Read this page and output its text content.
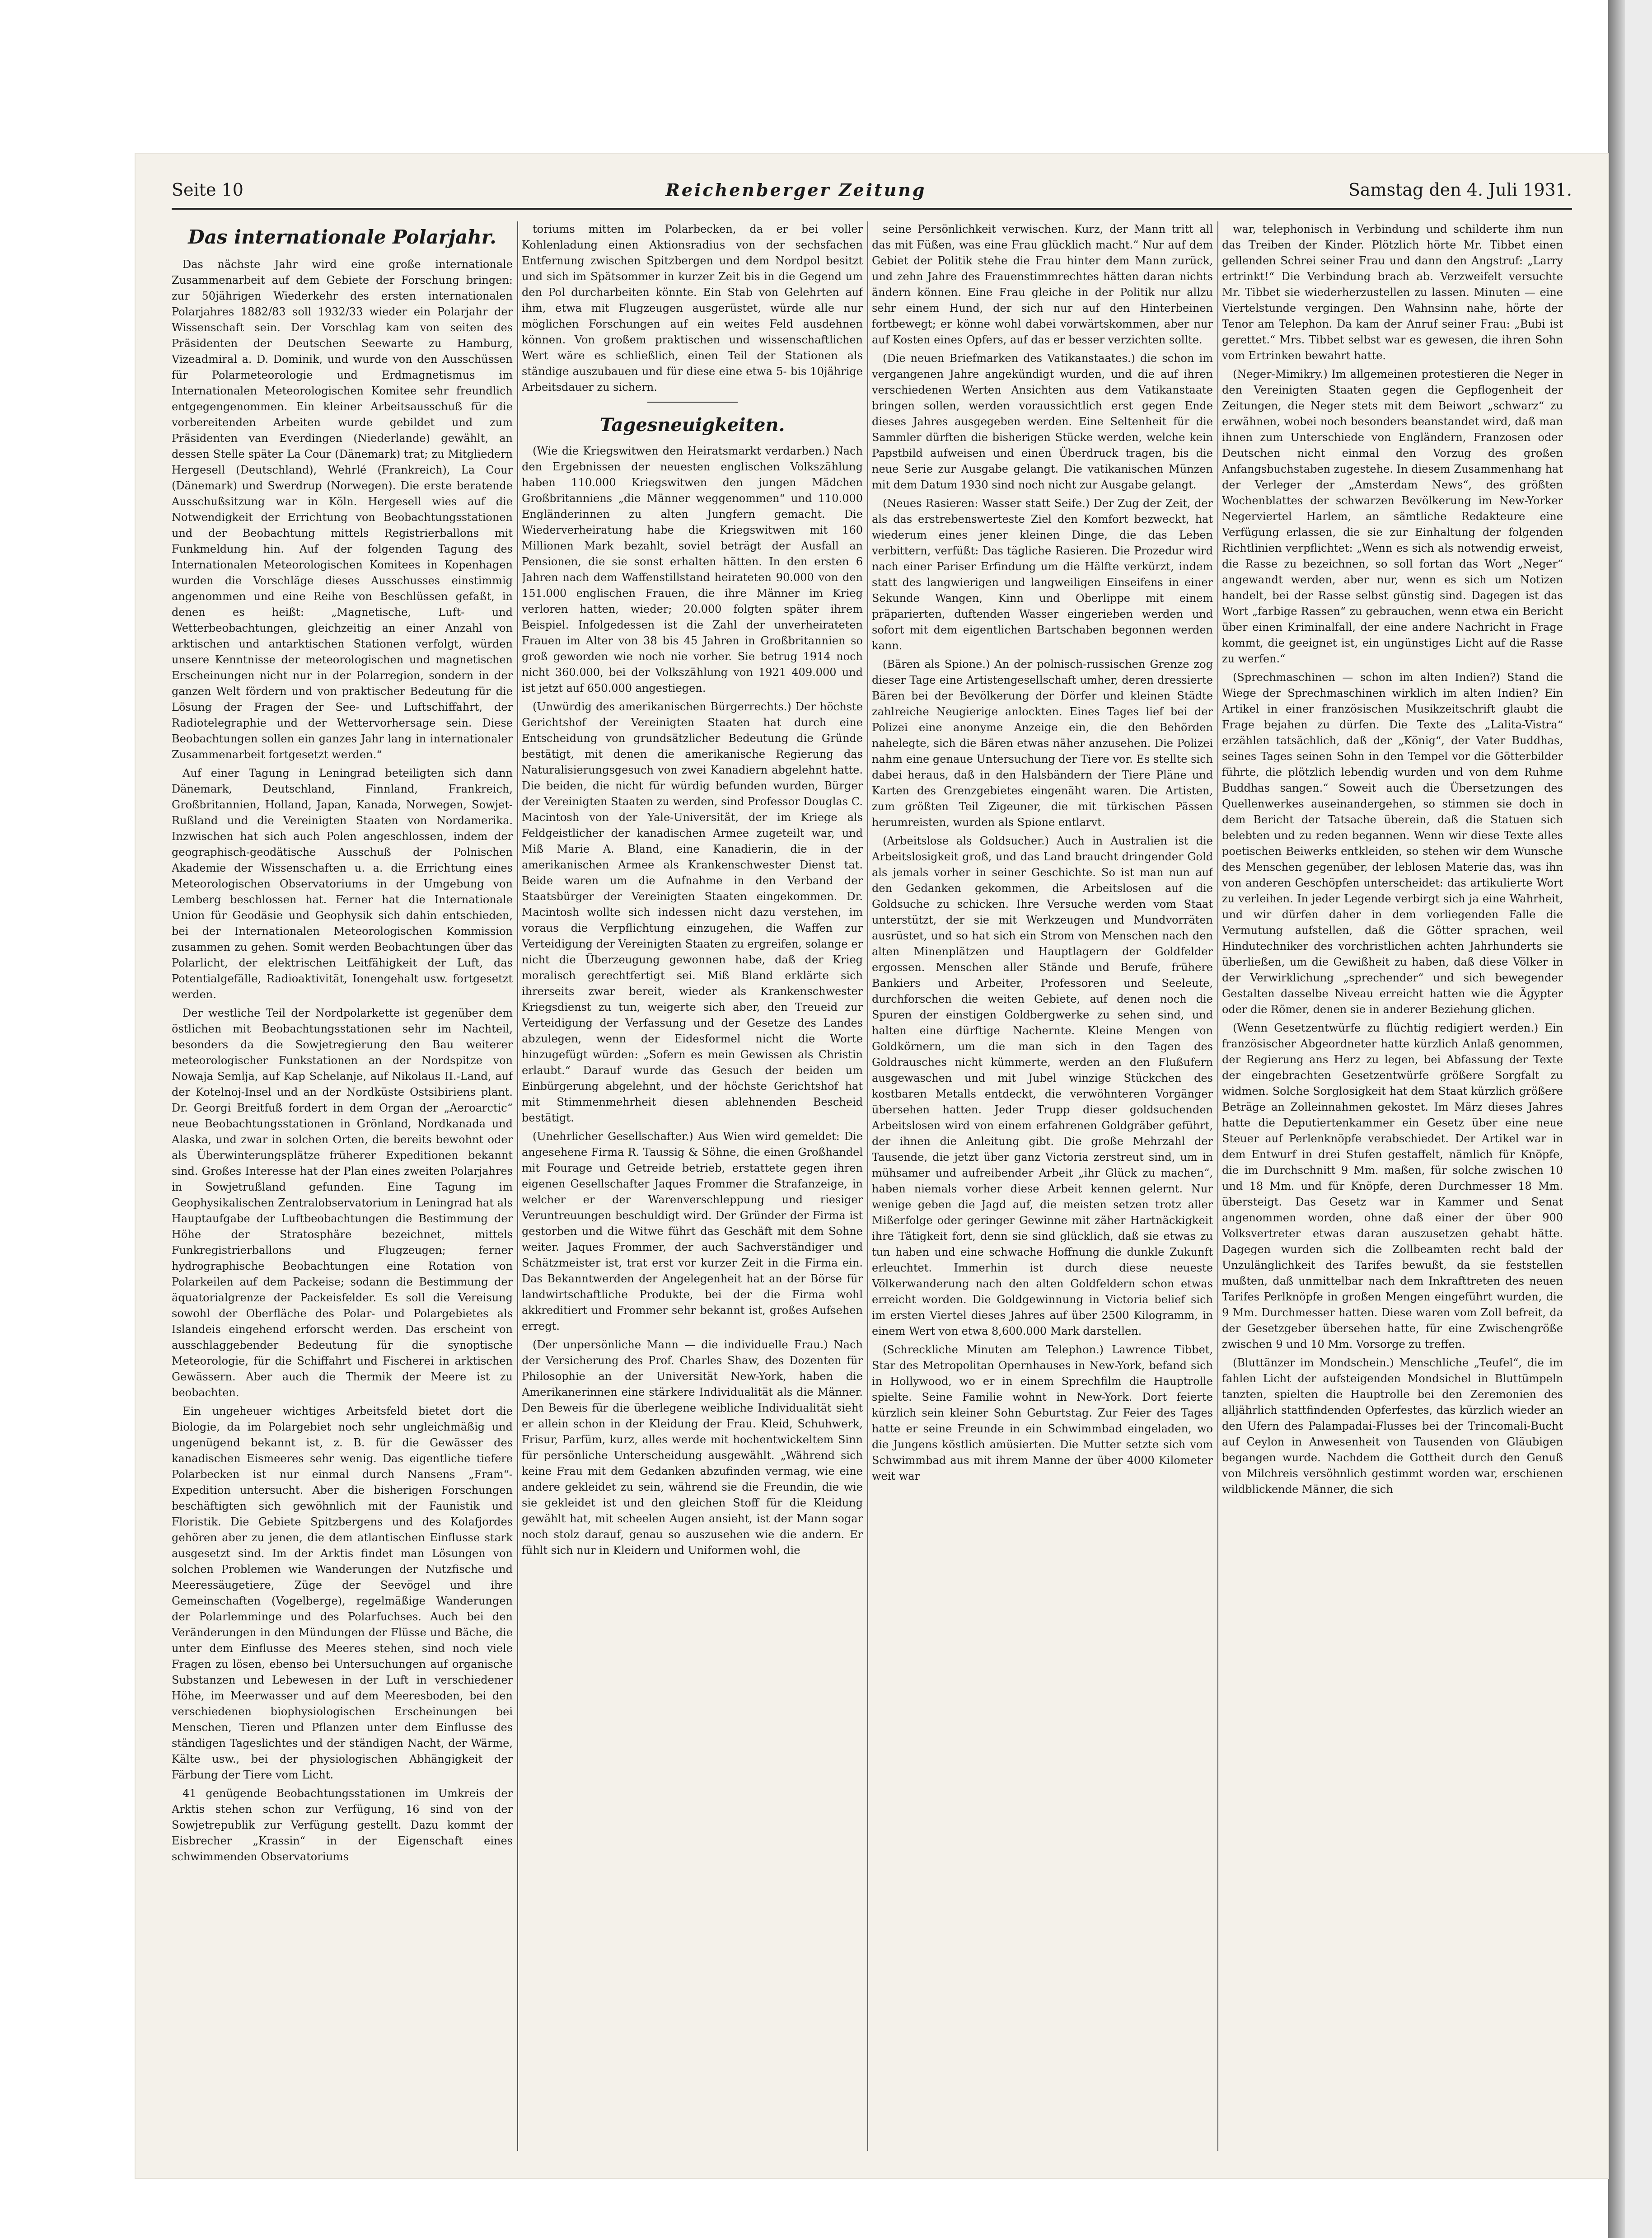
Seite 10	Reichenberger Zeitung	Samstag den 4. Juli 1931.
Das internationale Polarjahr.

Das nächste Jahr wird eine große internationale Zusammenarbeit auf dem Gebiete der Forschung bringen: zur 50jährigen Wiederkehr des ersten internationalen Polarjahres 1882/83 soll 1932/33 wieder ein Polarjahr der Wissenschaft sein. Der Vorschlag kam von seiten des Präsidenten der Deutschen Seewarte zu Hamburg, Vizeadmiral a. D. Dominik, und wurde von den Ausschüssen für Polarmeteorologie und Erdmagnetismus im Internationalen Meteorologischen Komitee sehr freundlich entgegengenommen. Ein kleiner Arbeitsausschuß für die vorbereitenden Arbeiten wurde gebildet und zum Präsidenten van Everdingen (Niederlande) gewählt, an dessen Stelle später La Cour (Dänemark) trat; zu Mitgliedern Hergesell (Deutschland), Wehrlé (Frankreich), La Cour (Dänemark) und Swerdrup (Norwegen). Die erste beratende Ausschußsitzung war in Köln. Hergesell wies auf die Notwendigkeit der Errichtung von Beobachtungsstationen und der Beobachtung mittels Registrierballons mit Funkmeldung hin. Auf der folgenden Tagung des Internationalen Meteorologischen Komitees in Kopenhagen wurden die Vorschläge dieses Ausschusses einstimmig angenommen und eine Reihe von Beschlüssen gefaßt, in denen es heißt: „Magnetische, Luft- und Wetterbeobachtungen, gleichzeitig an einer Anzahl von arktischen und antarktischen Stationen verfolgt, würden unsere Kenntnisse der meteorologischen und magnetischen Erscheinungen nicht nur in der Polarregion, sondern in der ganzen Welt fördern und von praktischer Bedeutung für die Lösung der Fragen der See- und Luftschiffahrt, der Radiotelegraphie und der Wettervorhersage sein. Diese Beobachtungen sollen ein ganzes Jahr lang in internationaler Zusammenarbeit fortgesetzt werden.“

Auf einer Tagung in Leningrad beteiligten sich dann Dänemark, Deutschland, Finnland, Frankreich, Großbritannien, Holland, Japan, Kanada, Norwegen, Sowjet-Rußland und die Vereinigten Staaten von Nordamerika. Inzwischen hat sich auch Polen angeschlossen, indem der geographisch-geodätische Ausschuß der Polnischen Akademie der Wissenschaften u. a. die Errichtung eines Meteorologischen Observatoriums in der Umgebung von Lemberg beschlossen hat. Ferner hat die Internationale Union für Geodäsie und Geophysik sich dahin entschieden, bei der Internationalen Meteorologischen Kommission zusammen zu gehen. Somit werden Beobachtungen über das Polarlicht, der elektrischen Leitfähigkeit der Luft, das Potentialgefälle, Radioaktivität, Ionengehalt usw. fortgesetzt werden.

Der westliche Teil der Nordpolarkette ist gegenüber dem östlichen mit Beobachtungsstationen sehr im Nachteil, besonders da die Sowjetregierung den Bau weiterer meteorologischer Funkstationen an der Nordspitze von Nowaja Semlja, auf Kap Schelanje, auf Nikolaus II.-Land, auf der Kotelnoj-Insel und an der Nordküste Ostsibiriens plant. Dr. Georgi Breitfuß fordert in dem Organ der „Aeroarctic“ neue Beobachtungsstationen in Grönland, Nordkanada und Alaska, und zwar in solchen Orten, die bereits bewohnt oder als Überwinterungsplätze früherer Expeditionen bekannt sind. Großes Interesse hat der Plan eines zweiten Polarjahres in Sowjetrußland gefunden. Eine Tagung im Geophysikalischen Zentralobservatorium in Leningrad hat als Hauptaufgabe der Luftbeobachtungen die Bestimmung der Höhe der Stratosphäre bezeichnet, mittels Funkregistrierballons und Flugzeugen; ferner hydrographische Beobachtungen eine Rotation von Polarkeilen auf dem Packeise; sodann die Bestimmung der äquatorialgrenze der Packeisfelder. Es soll die Vereisung sowohl der Oberfläche des Polar- und Polargebietes als Islandeis eingehend erforscht werden. Das erscheint von ausschlaggebender Bedeutung für die synoptische Meteorologie, für die Schiffahrt und Fischerei in arktischen Gewässern. Aber auch die Thermik der Meere ist zu beobachten.

Ein ungeheuer wichtiges Arbeitsfeld bietet dort die Biologie, da im Polargebiet noch sehr ungleichmäßig und ungenügend bekannt ist, z. B. für die Gewässer des kanadischen Eismeeres sehr wenig. Das eigentliche tiefere Polarbecken ist nur einmal durch Nansens „Fram“-Expedition untersucht. Aber die bisherigen Forschungen beschäftigten sich gewöhnlich mit der Faunistik und Floristik. Die Gebiete Spitzbergens und des Kolafjordes gehören aber zu jenen, die dem atlantischen Einflusse stark ausgesetzt sind. Im der Arktis findet man Lösungen von solchen Problemen wie Wanderungen der Nutzfische und Meeressäugetiere, Züge der Seevögel und ihre Gemeinschaften (Vogelberge), regelmäßige Wanderungen der Polarlemminge und des Polarfuchses. Auch bei den Veränderungen in den Mündungen der Flüsse und Bäche, die unter dem Einflusse des Meeres stehen, sind noch viele Fragen zu lösen, ebenso bei Untersuchungen auf organische Substanzen und Lebewesen in der Luft in verschiedener Höhe, im Meerwasser und auf dem Meeresboden, bei den verschiedenen biophysiologischen Erscheinungen bei Menschen, Tieren und Pflanzen unter dem Einflusse des ständigen Tageslichtes und der ständigen Nacht, der Wärme, Kälte usw., bei der physiologischen Abhängigkeit der Färbung der Tiere vom Licht.

41 genügende Beobachtungsstationen im Umkreis der Arktis stehen schon zur Verfügung, 16 sind von der Sowjetrepublik zur Verfügung gestellt. Dazu kommt der Eisbrecher „Krassin“ in der Eigenschaft eines schwimmenden Observatoriums

toriums mitten im Polarbecken, da er bei voller Kohlenladung einen Aktionsradius von der sechsfachen Entfernung zwischen Spitzbergen und dem Nordpol besitzt und sich im Spätsommer in kurzer Zeit bis in die Gegend um den Pol durcharbeiten könnte. Ein Stab von Gelehrten auf ihm, etwa mit Flugzeugen ausgerüstet, würde alle nur möglichen Forschungen auf ein weites Feld ausdehnen können. Von großem praktischen und wissenschaftlichen Wert wäre es schließlich, einen Teil der Stationen als ständige auszubauen und für diese eine etwa 5- bis 10jährige Arbeitsdauer zu sichern.

Tagesneuigkeiten.

(Wie die Kriegswitwen den Heiratsmarkt verdarben.) Nach den Ergebnissen der neuesten englischen Volkszählung haben 110.000 Kriegswitwen den jungen Mädchen Großbritanniens „die Männer weggenommen“ und 110.000 Engländerinnen zu alten Jungfern gemacht. Die Wiederverheiratung habe die Kriegswitwen mit 160 Millionen Mark bezahlt, soviel beträgt der Ausfall an Pensionen, die sie sonst erhalten hätten. In den ersten 6 Jahren nach dem Waffenstillstand heirateten 90.000 von den 151.000 englischen Frauen, die ihre Männer im Krieg verloren hatten, wieder; 20.000 folgten später ihrem Beispiel. Infolgedessen ist die Zahl der unverheirateten Frauen im Alter von 38 bis 45 Jahren in Großbritannien so groß geworden wie noch nie vorher. Sie betrug 1914 noch nicht 360.000, bei der Volkszählung von 1921 409.000 und ist jetzt auf 650.000 angestiegen.

(Unwürdig des amerikanischen Bürgerrechts.) Der höchste Gerichtshof der Vereinigten Staaten hat durch eine Entscheidung von grundsätzlicher Bedeutung die Gründe bestätigt, mit denen die amerikanische Regierung das Naturalisierungsgesuch von zwei Kanadiern abgelehnt hatte. Die beiden, die nicht für würdig befunden wurden, Bürger der Vereinigten Staaten zu werden, sind Professor Douglas C. Macintosh von der Yale-Universität, der im Kriege als Feldgeistlicher der kanadischen Armee zugeteilt war, und Miß Marie A. Bland, eine Kanadierin, die in der amerikanischen Armee als Krankenschwester Dienst tat. Beide waren um die Aufnahme in den Verband der Staatsbürger der Vereinigten Staaten eingekommen. Dr. Macintosh wollte sich indessen nicht dazu verstehen, im voraus die Verpflichtung einzugehen, die Waffen zur Verteidigung der Vereinigten Staaten zu ergreifen, solange er nicht die Überzeugung gewonnen habe, daß der Krieg moralisch gerechtfertigt sei. Miß Bland erklärte sich ihrerseits zwar bereit, wieder als Krankenschwester Kriegsdienst zu tun, weigerte sich aber, den Treueid zur Verteidigung der Verfassung und der Gesetze des Landes abzulegen, wenn der Eidesformel nicht die Worte hinzugefügt würden: „Sofern es mein Gewissen als Christin erlaubt.“ Darauf wurde das Gesuch der beiden um Einbürgerung abgelehnt, und der höchste Gerichtshof hat mit Stimmenmehrheit diesen ablehnenden Bescheid bestätigt.

(Unehrlicher Gesellschafter.) Aus Wien wird gemeldet: Die angesehene Firma R. Taussig & Söhne, die einen Großhandel mit Fourage und Getreide betrieb, erstattete gegen ihren eigenen Gesellschafter Jaques Frommer die Strafanzeige, in welcher er der Warenverschleppung und riesiger Veruntreuungen beschuldigt wird. Der Gründer der Firma ist gestorben und die Witwe führt das Geschäft mit dem Sohne weiter. Jaques Frommer, der auch Sachverständiger und Schätzmeister ist, trat erst vor kurzer Zeit in die Firma ein. Das Bekanntwerden der Angelegenheit hat an der Börse für landwirtschaftliche Produkte, bei der die Firma wohl akkreditiert und Frommer sehr bekannt ist, großes Aufsehen erregt.

(Der unpersönliche Mann — die individuelle Frau.) Nach der Versicherung des Prof. Charles Shaw, des Dozenten für Philosophie an der Universität New-York, haben die Amerikanerinnen eine stärkere Individualität als die Männer. Den Beweis für die überlegene weibliche Individualität sieht er allein schon in der Kleidung der Frau. Kleid, Schuhwerk, Frisur, Parfüm, kurz, alles werde mit hochentwickeltem Sinn für persönliche Unterscheidung ausgewählt. „Während sich keine Frau mit dem Gedanken abzufinden vermag, wie eine andere gekleidet zu sein, während sie die Freundin, die wie sie gekleidet ist und den gleichen Stoff für die Kleidung gewählt hat, mit scheelen Augen ansieht, ist der Mann sogar noch stolz darauf, genau so auszusehen wie die andern. Er fühlt sich nur in Kleidern und Uniformen wohl, die

seine Persönlichkeit verwischen. Kurz, der Mann tritt all das mit Füßen, was eine Frau glücklich macht.“ Nur auf dem Gebiet der Politik stehe die Frau hinter dem Mann zurück, und zehn Jahre des Frauenstimmrechtes hätten daran nichts ändern können. Eine Frau gleiche in der Politik nur allzu sehr einem Hund, der sich nur auf den Hinterbeinen fortbewegt; er könne wohl dabei vorwärtskommen, aber nur auf Kosten eines Opfers, auf das er besser verzichten sollte.

(Die neuen Briefmarken des Vatikanstaates.) die schon im vergangenen Jahre angekündigt wurden, und die auf ihren verschiedenen Werten Ansichten aus dem Vatikanstaate bringen sollen, werden voraussichtlich erst gegen Ende dieses Jahres ausgegeben werden. Eine Seltenheit für die Sammler dürften die bisherigen Stücke werden, welche kein Papstbild aufweisen und einen Überdruck tragen, bis die neue Serie zur Ausgabe gelangt. Die vatikanischen Münzen mit dem Datum 1930 sind noch nicht zur Ausgabe gelangt.

(Neues Rasieren: Wasser statt Seife.) Der Zug der Zeit, der als das erstrebenswerteste Ziel den Komfort bezweckt, hat wiederum eines jener kleinen Dinge, die das Leben verbittern, verfüßt: Das tägliche Rasieren. Die Prozedur wird nach einer Pariser Erfindung um die Hälfte verkürzt, indem statt des langwierigen und langweiligen Einseifens in einer Sekunde Wangen, Kinn und Oberlippe mit einem präparierten, duftenden Wasser eingerieben werden und sofort mit dem eigentlichen Bartschaben begonnen werden kann.

(Bären als Spione.) An der polnisch-russischen Grenze zog dieser Tage eine Artistengesellschaft umher, deren dressierte Bären bei der Bevölkerung der Dörfer und kleinen Städte zahlreiche Neugierige anlockten. Eines Tages lief bei der Polizei eine anonyme Anzeige ein, die den Behörden nahelegte, sich die Bären etwas näher anzusehen. Die Polizei nahm eine genaue Untersuchung der Tiere vor. Es stellte sich dabei heraus, daß in den Halsbändern der Tiere Pläne und Karten des Grenzgebietes eingenäht waren. Die Artisten, zum größten Teil Zigeuner, die mit türkischen Pässen herumreisten, wurden als Spione entlarvt.

(Arbeitslose als Goldsucher.) Auch in Australien ist die Arbeitslosigkeit groß, und das Land braucht dringender Gold als jemals vorher in seiner Geschichte. So ist man nun auf den Gedanken gekommen, die Arbeitslosen auf die Goldsuche zu schicken. Ihre Versuche werden vom Staat unterstützt, der sie mit Werkzeugen und Mundvorräten ausrüstet, und so hat sich ein Strom von Menschen nach den alten Minenplätzen und Hauptlagern der Goldfelder ergossen. Menschen aller Stände und Berufe, frühere Bankiers und Arbeiter, Professoren und Seeleute, durchforschen die weiten Gebiete, auf denen noch die Spuren der einstigen Goldbergwerke zu sehen sind, und halten eine dürftige Nachernte. Kleine Mengen von Goldkörnern, um die man sich in den Tagen des Goldrausches nicht kümmerte, werden an den Flußufern ausgewaschen und mit Jubel winzige Stückchen des kostbaren Metalls entdeckt, die verwöhnteren Vorgänger übersehen hatten. Jeder Trupp dieser goldsuchenden Arbeitslosen wird von einem erfahrenen Goldgräber geführt, der ihnen die Anleitung gibt. Die große Mehrzahl der Tausende, die jetzt über ganz Victoria zerstreut sind, um in mühsamer und aufreibender Arbeit „ihr Glück zu machen“, haben niemals vorher diese Arbeit kennen gelernt. Nur wenige geben die Jagd auf, die meisten setzen trotz aller Mißerfolge oder geringer Gewinne mit zäher Hartnäckigkeit ihre Tätigkeit fort, denn sie sind glücklich, daß sie etwas zu tun haben und eine schwache Hoffnung die dunkle Zukunft erleuchtet. Immerhin ist durch diese neueste Völkerwanderung nach den alten Goldfeldern schon etwas erreicht worden. Die Goldgewinnung in Victoria belief sich im ersten Viertel dieses Jahres auf über 2500 Kilogramm, in einem Wert von etwa 8,600.000 Mark darstellen.

(Schreckliche Minuten am Telephon.) Lawrence Tibbet, Star des Metropolitan Opernhauses in New-York, befand sich in Hollywood, wo er in einem Sprechfilm die Hauptrolle spielte. Seine Familie wohnt in New-York. Dort feierte kürzlich sein kleiner Sohn Geburtstag. Zur Feier des Tages hatte er seine Freunde in ein Schwimmbad eingeladen, wo die Jungens köstlich amüsierten. Die Mutter setzte sich vom Schwimmbad aus mit ihrem Manne der über 4000 Kilometer weit war

war, telephonisch in Verbindung und schilderte ihm nun das Treiben der Kinder. Plötzlich hörte Mr. Tibbet einen gellenden Schrei seiner Frau und dann den Angstruf: „Larry ertrinkt!“ Die Verbindung brach ab. Verzweifelt versuchte Mr. Tibbet sie wiederherzustellen zu lassen. Minuten — eine Viertelstunde vergingen. Den Wahnsinn nahe, hörte der Tenor am Telephon. Da kam der Anruf seiner Frau: „Bubi ist gerettet.“ Mrs. Tibbet selbst war es gewesen, die ihren Sohn vom Ertrinken bewahrt hatte.

(Neger-Mimikry.) Im allgemeinen protestieren die Neger in den Vereinigten Staaten gegen die Gepflogenheit der Zeitungen, die Neger stets mit dem Beiwort „schwarz“ zu erwähnen, wobei noch besonders beanstandet wird, daß man ihnen zum Unterschiede von Engländern, Franzosen oder Deutschen nicht einmal den Vorzug des großen Anfangsbuchstaben zugestehe. In diesem Zusammenhang hat der Verleger der „Amsterdam News“, des größten Wochenblattes der schwarzen Bevölkerung im New-Yorker Negerviertel Harlem, an sämtliche Redakteure eine Verfügung erlassen, die sie zur Einhaltung der folgenden Richtlinien verpflichtet: „Wenn es sich als notwendig erweist, die Rasse zu bezeichnen, so soll fortan das Wort „Neger“ angewandt werden, aber nur, wenn es sich um Notizen handelt, bei der Rasse selbst günstig sind. Dagegen ist das Wort „farbige Rassen“ zu gebrauchen, wenn etwa ein Bericht über einen Kriminalfall, der eine andere Nachricht in Frage kommt, die geeignet ist, ein ungünstiges Licht auf die Rasse zu werfen.“

(Sprechmaschinen — schon im alten Indien?) Stand die Wiege der Sprechmaschinen wirklich im alten Indien? Ein Artikel in einer französischen Musikzeitschrift glaubt die Frage bejahen zu dürfen. Die Texte des „Lalita-Vistra“ erzählen tatsächlich, daß der „König“, der Vater Buddhas, seines Tages seinen Sohn in den Tempel vor die Götterbilder führte, die plötzlich lebendig wurden und von dem Ruhme Buddhas sangen.“ Soweit auch die Übersetzungen des Quellenwerkes auseinandergehen, so stimmen sie doch in dem Bericht der Tatsache überein, daß die Statuen sich belebten und zu reden begannen. Wenn wir diese Texte alles poetischen Beiwerks entkleiden, so stehen wir dem Wunsche des Menschen gegenüber, der leblosen Materie das, was ihn von anderen Geschöpfen unterscheidet: das artikulierte Wort zu verleihen. In jeder Legende verbirgt sich ja eine Wahrheit, und wir dürfen daher in dem vorliegenden Falle die Vermutung aufstellen, daß die Götter sprachen, weil Hindutechniker des vorchristlichen achten Jahrhunderts sie überließen, um die Gewißheit zu haben, daß diese Völker in der Verwirklichung „sprechender“ und sich bewegender Gestalten dasselbe Niveau erreicht hatten wie die Ägypter oder die Römer, denen sie in anderer Beziehung glichen.

(Wenn Gesetzentwürfe zu flüchtig redigiert werden.) Ein französischer Abgeordneter hatte kürzlich Anlaß genommen, der Regierung ans Herz zu legen, bei Abfassung der Texte der eingebrachten Gesetzentwürfe größere Sorgfalt zu widmen. Solche Sorglosigkeit hat dem Staat kürzlich größere Beträge an Zolleinnahmen gekostet. Im März dieses Jahres hatte die Deputiertenkammer ein Gesetz über eine neue Steuer auf Perlenknöpfe verabschiedet. Der Artikel war in dem Entwurf in drei Stufen gestaffelt, nämlich für Knöpfe, die im Durchschnitt 9 Mm. maßen, für solche zwischen 10 und 18 Mm. und für Knöpfe, deren Durchmesser 18 Mm. übersteigt. Das Gesetz war in Kammer und Senat angenommen worden, ohne daß einer der über 900 Volksvertreter etwas daran auszusetzen gehabt hätte. Dagegen wurden sich die Zollbeamten recht bald der Unzulänglichkeit des Tarifes bewußt, da sie feststellen mußten, daß unmittelbar nach dem Inkrafttreten des neuen Tarifes Perlknöpfe in großen Mengen eingeführt wurden, die 9 Mm. Durchmesser hatten. Diese waren vom Zoll befreit, da der Gesetzgeber übersehen hatte, für eine Zwischengröße zwischen 9 und 10 Mm. Vorsorge zu treffen.

(Bluttänzer im Mondschein.) Menschliche „Teufel“, die im fahlen Licht der aufsteigenden Mondsichel in Bluttümpeln tanzten, spielten die Hauptrolle bei den Zeremonien des alljährlich stattfindenden Opferfestes, das kürzlich wieder an den Ufern des Palampadai-Flusses bei der Trincomali-Bucht auf Ceylon in Anwesenheit von Tausenden von Gläubigen begangen wurde. Nachdem die Gottheit durch den Genuß von Milchreis versöhnlich gestimmt worden war, erschienen wildblickende Männer, die sich
